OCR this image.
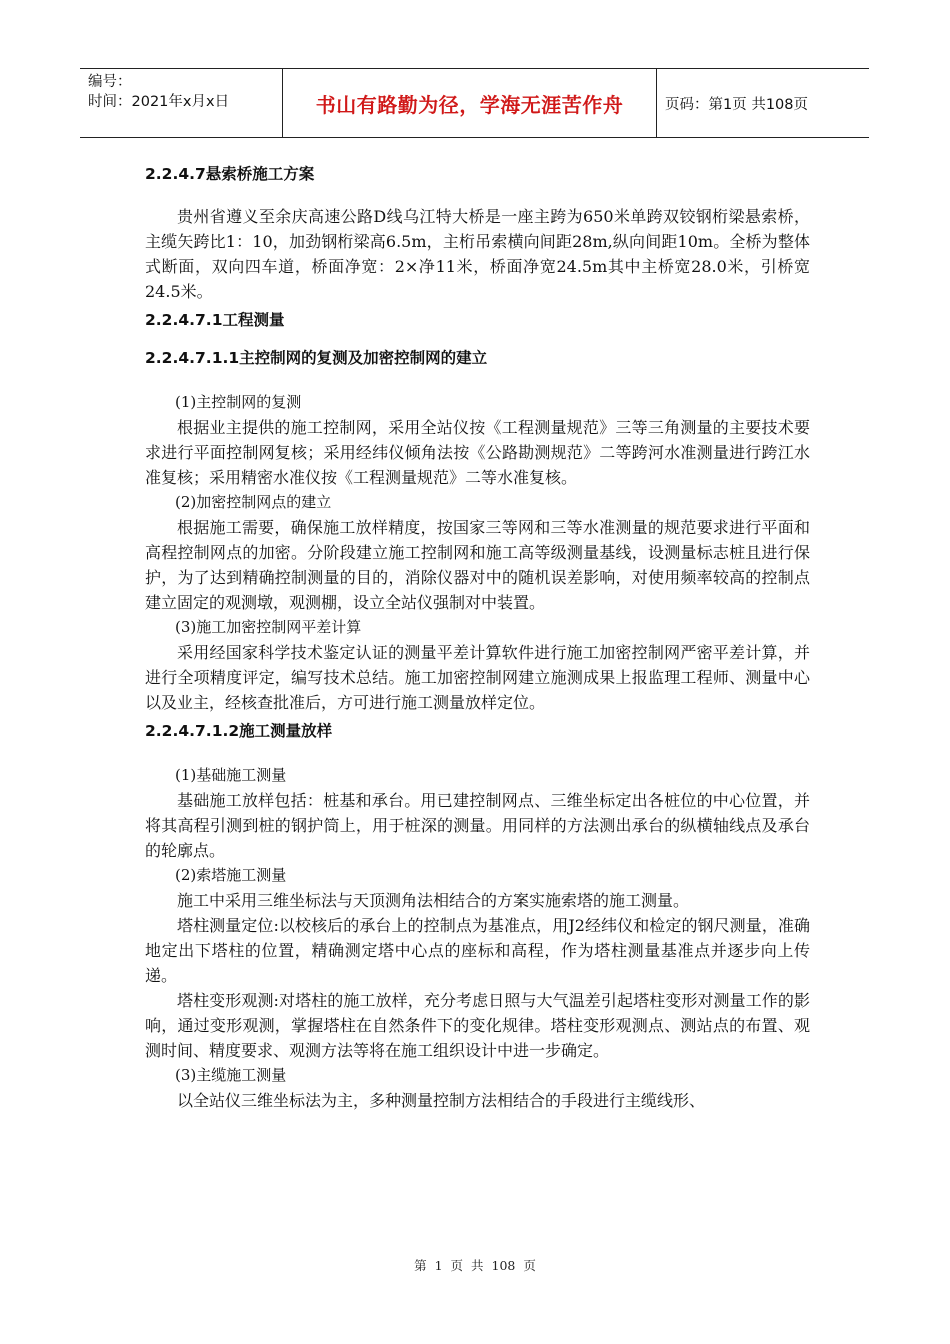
编号：
时间：2021年x月x日	书山有路勤为径，学海无涯苦作舟	页码：第1页 共108页
2.2.4.7悬索桥施工方案

贵州省遵义至余庆高速公路D线乌江特大桥是一座主跨为650米单跨双铰钢桁梁悬索桥，主缆矢跨比1：10，加劲钢桁梁高6.5m，主桁吊索横向间距28m,纵向间距10m。全桥为整体式断面，双向四车道，桥面净宽：2×净11米，桥面净宽24.5m其中主桥宽28.0米，引桥宽24.5米。

2.2.4.7.1工程测量
2.2.4.7.1.1主控制网的复测及加密控制网的建立

(1)主控制网的复测

根据业主提供的施工控制网，采用全站仪按《工程测量规范》三等三角测量的主要技术要求进行平面控制网复核；采用经纬仪倾角法按《公路勘测规范》二等跨河水准测量进行跨江水准复核；采用精密水准仪按《工程测量规范》二等水准复核。

(2)加密控制网点的建立

根据施工需要，确保施工放样精度，按国家三等网和三等水准测量的规范要求进行平面和高程控制网点的加密。分阶段建立施工控制网和施工高等级测量基线，设测量标志桩且进行保护，为了达到精确控制测量的目的，消除仪器对中的随机误差影响，对使用频率较高的控制点建立固定的观测墩，观测棚，设立全站仪强制对中装置。

(3)施工加密控制网平差计算

采用经国家科学技术鉴定认证的测量平差计算软件进行施工加密控制网严密平差计算，并进行全项精度评定，编写技术总结。施工加密控制网建立施测成果上报监理工程师、测量中心以及业主，经核查批准后，方可进行施工测量放样定位。

2.2.4.7.1.2施工测量放样

(1)基础施工测量

基础施工放样包括：桩基和承台。用已建控制网点、三维坐标定出各桩位的中心位置，并将其高程引测到桩的钢护筒上，用于桩深的测量。用同样的方法测出承台的纵横轴线点及承台的轮廓点。

(2)索塔施工测量

施工中采用三维坐标法与天顶测角法相结合的方案实施索塔的施工测量。

塔柱测量定位:以校核后的承台上的控制点为基准点，用J2经纬仪和检定的钢尺测量，准确地定出下塔柱的位置，精确测定塔中心点的座标和高程，作为塔柱测量基准点并逐步向上传递。

塔柱变形观测:对塔柱的施工放样，充分考虑日照与大气温差引起塔柱变形对测量工作的影响，通过变形观测，掌握塔柱在自然条件下的变化规律。塔柱变形观测点、测站点的布置、观测时间、精度要求、观测方法等将在施工组织设计中进一步确定。

(3)主缆施工测量

以全站仪三维坐标法为主，多种测量控制方法相结合的手段进行主缆线形、

第 1 页 共 108 页
